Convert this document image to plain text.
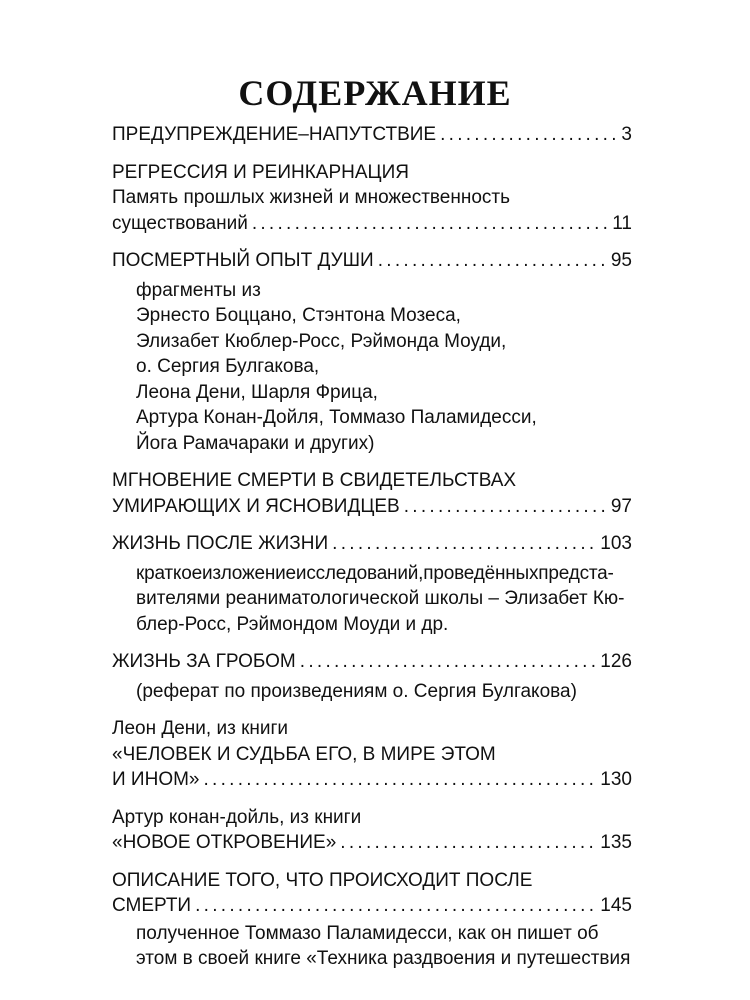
СОДЕРЖАНИЕ
ПРЕДУПРЕЖДЕНИЕ–НАПУТСТВИЕ . . .	3
РЕГРЕССИЯ И РЕИНКАРНАЦИЯ
Память прошлых жизней и множественность
существований . . .	11
ПОСМЕРТНЫЙ ОПЫТ ДУШИ . . .	95
фрагменты из
Эрнесто Боццано, Стэнтона Мозеса,
Элизабет Кюблер-Росс, Рэймонда Моуди,
о. Сергия Булгакова,
Леона Дени, Шарля Фрица,
Артура Конан-Дойля, Томмазо Паламидесси,
Йога Рамачараки и других)
МГНОВЕНИЕ СМЕРТИ В СВИДЕТЕЛЬСТВАХ
УМИРАЮЩИХ И ЯСНОВИДЦЕВ . . .	97
ЖИЗНЬ ПОСЛЕ ЖИЗНИ . . .	103
краткоеизложениеисследований,проведённыхпредста-
вителями реаниматологической школы – Элизабет Кю-
блер-Росс, Рэймондом Моуди и др.
ЖИЗНЬ ЗА ГРОБОМ . . .	126
(реферат по произведениям о. Сергия Булгакова)
Леон Дени, из книги
«ЧЕЛОВЕК И СУДЬБА ЕГО, В МИРЕ ЭТОМ
И ИНОМ» . . .	130
Артур конан-дойль, из книги
«НОВОЕ ОТКРОВЕНИЕ» . . .	135
ОПИСАНИЕ ТОГО, ЧТО ПРОИСХОДИТ ПОСЛЕ
СМЕРТИ . . .	145
полученное Томмазо Паламидесси, как он пишет об
этом в своей книге «Техника раздвоения и путешествия
